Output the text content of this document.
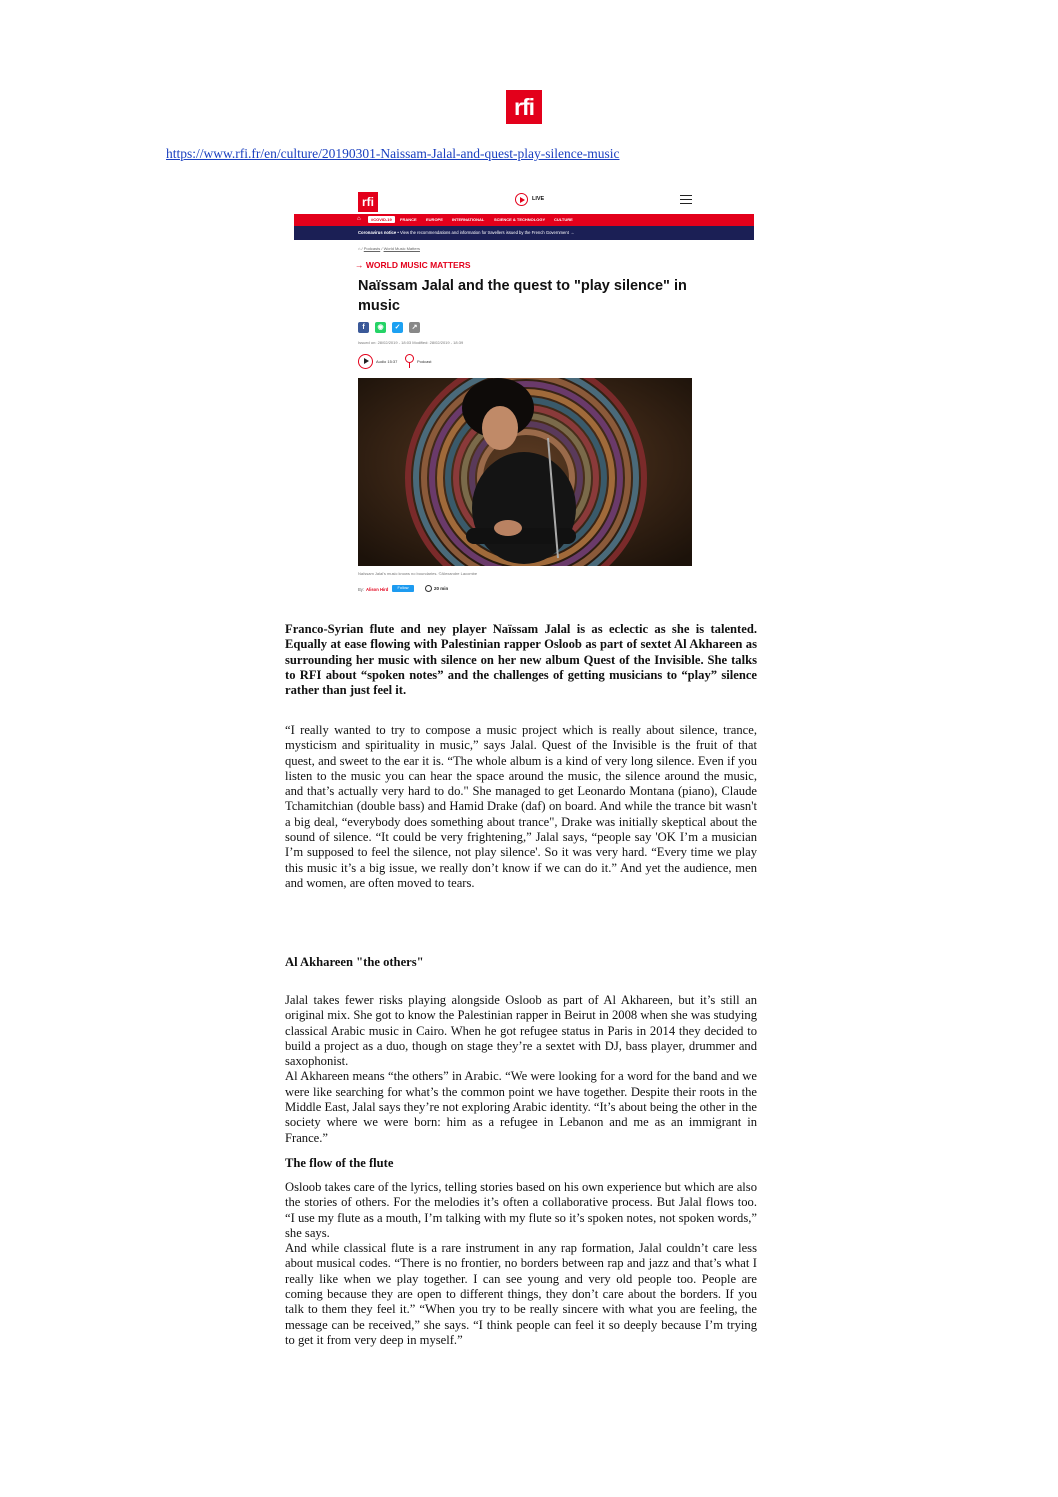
rfi
https://www.rfi.fr/en/culture/20190301-Naissam-Jalal-and-quest-play-silence-music
rfi	LIVE
⌂	#COVID-19	FRANCE EUROPE INTERNATIONAL SCIENCE & TECHNOLOGY CULTURE
Coronavirus notice • View the recommendations and information for travellers issued by the French Government →
⌂ / Podcasts / World Music Matters
→ WORLD MUSIC MATTERS
Naïssam Jalal and the quest to "play silence" in music
f	◉	✓	↗
Issued on: 28/02/2019 - 18:03 Modified: 28/02/2019 - 18:39
Audio 15:37	Podcast
Naïssam Jalal's music knows no boundaries. ©Alexandre Lacombe
By: Alison Hird	Follow	20 min
Franco-Syrian flute and ney player Naïssam Jalal is as eclectic as she is talented. Equally at ease flowing with Palestinian rapper Osloob as part of sextet Al Akhareen as surrounding her music with silence on her new album Quest of the Invisible. She talks to RFI about “spoken notes” and the challenges of getting musicians to “play” silence rather than just feel it.
“I really wanted to try to compose a music project which is really about silence, trance, mysticism and spirituality in music,” says Jalal. Quest of the Invisible is the fruit of that quest, and sweet to the ear it is. “The whole album is a kind of very long silence. Even if you listen to the music you can hear the space around the music, the silence around the music, and that’s actually very hard to do." She managed to get Leonardo Montana (piano), Claude Tchamitchian (double bass) and Hamid Drake (daf) on board. And while the trance bit wasn't a big deal, “everybody does something about trance", Drake was initially skeptical about the sound of silence. “It could be very frightening,” Jalal says, “people say 'OK I’m a musician I’m supposed to feel the silence, not play silence'. So it was very hard. “Every time we play this music it’s a big issue, we really don’t know if we can do it.” And yet the audience, men and women, are often moved to tears.
Al Akhareen "the others"

Jalal takes fewer risks playing alongside Osloob as part of Al Akhareen, but it’s still an original mix. She got to know the Palestinian rapper in Beirut in 2008 when she was studying classical Arabic music in Cairo. When he got refugee status in Paris in 2014 they decided to build a project as a duo, though on stage they’re a sextet with DJ, bass player, drummer and saxophonist.

Al Akhareen means “the others” in Arabic. “We were looking for a word for the band and we were like searching for what’s the common point we have together. Despite their roots in the Middle East, Jalal says they’re not exploring Arabic identity. “It’s about being the other in the society where we were born: him as a refugee in Lebanon and me as an immigrant in France.”

The flow of the flute

Osloob takes care of the lyrics, telling stories based on his own experience but which are also the stories of others. For the melodies it’s often a collaborative process. But Jalal flows too. “I use my flute as a mouth, I’m talking with my flute so it’s spoken notes, not spoken words,” she says.

And while classical flute is a rare instrument in any rap formation, Jalal couldn’t care less about musical codes. “There is no frontier, no borders between rap and jazz and that’s what I really like when we play together. I can see young and very old people too. People are coming because they are open to different things, they don’t care about the borders. If you talk to them they feel it.” “When you try to be really sincere with what you are feeling, the message can be received,” she says. “I think people can feel it so deeply because I’m trying to get it from very deep in myself.”
